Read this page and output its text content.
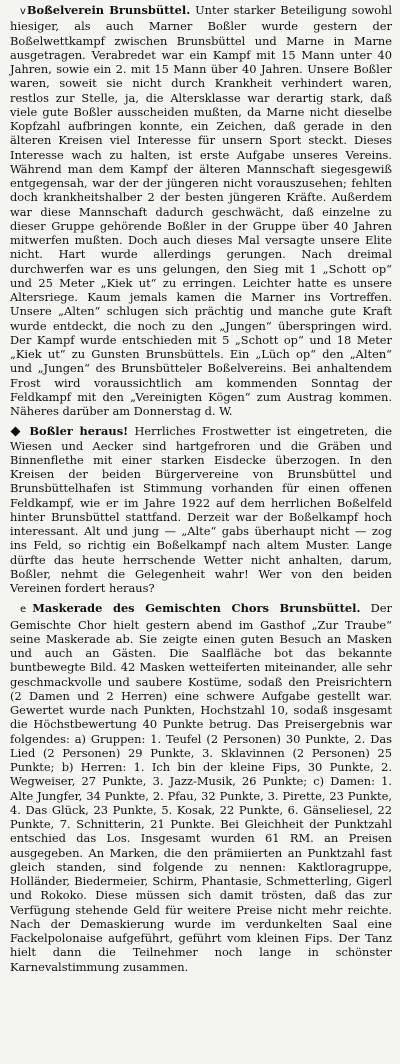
v Boßelverein Brunsbüttel. Unter starker Beteiligung sowohl hiesiger, als auch Marner Boßler wurde gestern der Boßelwettkampf zwischen Brunsbüttel und Marne in Marne ausgetragen. Verabredet war ein Kampf mit 15 Mann unter 40 Jahren, sowie ein 2. mit 15 Mann über 40 Jahren. Unsere Boßler waren, soweit sie nicht durch Krankheit verhindert waren, restlos zur Stelle, ja, die Altersklasse war derartig stark, daß viele gute Boßler ausscheiden mußten, da Marne nicht dieselbe Kopfzahl aufbringen konnte, ein Zeichen, daß gerade in den älteren Kreisen viel Interesse für unsern Sport steckt. Dieses Interesse wach zu halten, ist erste Aufgabe unseres Vereins. Während man dem Kampf der älteren Mannschaft siegesgewiß entgegensah, war der der jüngeren nicht vorauszusehen; fehlten doch krankheitshalber 2 der besten jüngeren Kräfte. Außerdem war diese Mannschaft dadurch geschwächt, daß einzelne zu dieser Gruppe gehörende Boßler in der Gruppe über 40 Jahren mitwerfen mußten. Doch auch dieses Mal versagte unsere Elite nicht. Hart wurde allerdings gerungen. Nach dreimal durchwerfen war es uns gelungen, den Sieg mit 1 „Schott op“ und 25 Meter „Kiek ut“ zu erringen. Leichter hatte es unsere Altersriege. Kaum jemals kamen die Marner ins Vortreffen. Unsere „Alten“ schlugen sich prächtig und manche gute Kraft wurde entdeckt, die noch zu den „Jungen“ überspringen wird. Der Kampf wurde entschieden mit 5 „Schott op“ und 18 Meter „Kiek ut“ zu Gunsten Brunsbüttels. Ein „Lüch op“ den „Alten“ und „Jungen“ des Brunsbütteler Boßelvereins. Bei anhaltendem Frost wird voraussichtlich am kommenden Sonntag der Feldkampf mit den „Vereinigten Kögen“ zum Austrag kommen. Näheres darüber am Donnerstag d. W.

Boßler heraus! Herrliches Frostwetter ist eingetreten, die Wiesen und Aecker sind hartgefroren und die Gräben und Binnenflethe mit einer starken Eisdecke überzogen. In den Kreisen der beiden Bürgervereine von Brunsbüttel und Brunsbüttelhafen ist Stimmung vorhanden für einen offenen Feldkampf, wie er im Jahre 1922 auf dem herrlichen Boßelfeld hinter Brunsbüttel stattfand. Derzeit war der Boßelkampf hoch interessant. Alt und jung — „Alte“ gabs überhaupt nicht — zog ins Feld, so richtig ein Boßelkampf nach altem Muster. Lange dürfte das heute herrschende Wetter nicht anhalten, darum, Boßler, nehmt die Gelegenheit wahr! Wer von den beiden Vereinen fordert heraus?

e Maskerade des Gemischten Chors Brunsbüttel. Der Gemischte Chor hielt gestern abend im Gasthof „Zur Traube“ seine Maskerade ab. Sie zeigte einen guten Besuch an Masken und auch an Gästen. Die Saalfläche bot das bekannte buntbewegte Bild. 42 Masken wetteiferten miteinander, alle sehr geschmackvolle und saubere Kostüme, sodaß den Preisrichtern (2 Damen und 2 Herren) eine schwere Aufgabe gestellt war. Gewertet wurde nach Punkten, Hochstzahl 10, sodaß insgesamt die Höchstbewertung 40 Punkte betrug. Das Preisergebnis war folgendes: a) Gruppen: 1. Teufel (2 Personen) 30 Punkte, 2. Das Lied (2 Personen) 29 Punkte, 3. Sklavinnen (2 Personen) 25 Punkte; b) Herren: 1. Ich bin der kleine Fips, 30 Punkte, 2. Wegweiser, 27 Punkte, 3. Jazz-Musik, 26 Punkte; c) Damen: 1. Alte Jungfer, 34 Punkte, 2. Pfau, 32 Punkte, 3. Pirette, 23 Punkte, 4. Das Glück, 23 Punkte, 5. Kosak, 22 Punkte, 6. Gänseliesel, 22 Punkte, 7. Schnitterin, 21 Punkte. Bei Gleichheit der Punktzahl entschied das Los. Insgesamt wurden 61 RM. an Preisen ausgegeben. An Marken, die den prämiierten an Punktzahl fast gleich standen, sind folgende zu nennen: Kaktloragruppe, Holländer, Biedermeier, Schirm, Phantasie, Schmetterling, Gigerl und Rokoko. Diese müssen sich damit trösten, daß das zur Verfügung stehende Geld für weitere Preise nicht mehr reichte. Nach der Demaskierung wurde im verdunkelten Saal eine Fackelpolonaise aufgeführt, geführt vom kleinen Fips. Der Tanz hielt dann die Teilnehmer noch lange in schönster Karnevalstimmung zusammen.
